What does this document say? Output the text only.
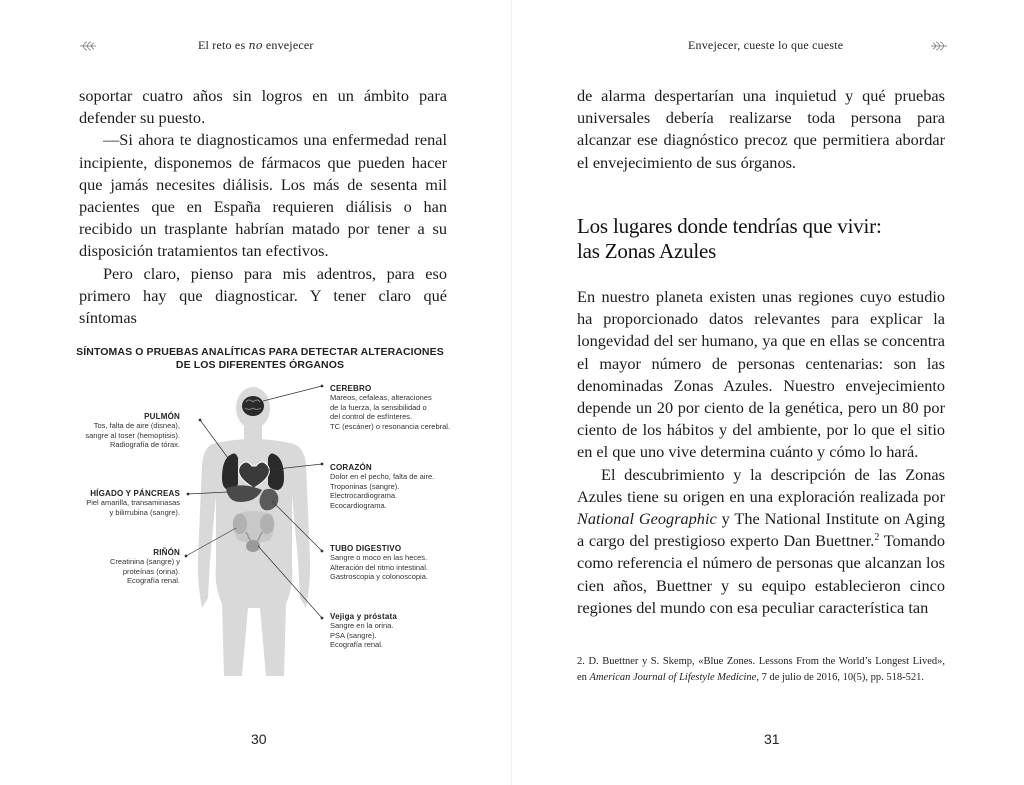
El reto es no envejecer

soportar cuatro años sin logros en un ámbito para defender su puesto.

—Si ahora te diagnosticamos una enfermedad renal incipiente, disponemos de fármacos que pueden hacer que jamás necesites diálisis. Los más de sesenta mil pacientes que en España requieren diálisis o han recibido un trasplante habrían matado por tener a su disposición tratamientos tan efectivos.

Pero claro, pienso para mis adentros, para eso primero hay que diagnosticar. Y tener claro qué síntomas

SÍNTOMAS O PRUEBAS ANALÍTICAS PARA DETECTAR ALTERACIONES
DE LOS DIFERENTES ÓRGANOS
CEREBRO
Mareos, cefaleas, alteraciones
de la fuerza, la sensibilidad o
del control de esfínteres.
TC (escáner) o resonancia cerebral.
PULMÓN
Tos, falta de aire (disnea),
sangre al toser (hemoptisis).
Radiografía de tórax.
CORAZÓN
Dolor en el pecho, falta de aire.
Troponinas (sangre).
Electrocardiograma.
Ecocardiograma.
HÍGADO Y PÁNCREAS
Piel amarilla, transaminasas
y bilirrubina (sangre).
TUBO DIGESTIVO
Sangre o moco en las heces.
Alteración del ritmo intestinal.
Gastroscopia y colonoscopia.
RIÑÓN
Creatinina (sangre) y
proteínas (orina).
Ecografía renal.
Vejiga y próstata
Sangre en la orina.
PSA (sangre).
Ecografía renal.
30
Envejecer, cueste lo que cueste

de alarma despertarían una inquietud y qué pruebas universales debería realizarse toda persona para alcanzar ese diagnóstico precoz que permitiera abordar el envejecimiento de sus órganos.

Los lugares donde tendrías que vivir:
las Zonas Azules

En nuestro planeta existen unas regiones cuyo estudio ha proporcionado datos relevantes para explicar la longevidad del ser humano, ya que en ellas se concentra el mayor número de personas centenarias: son las denominadas Zonas Azules. Nuestro envejecimiento depende un 20 por ciento de la genética, pero un 80 por ciento de los hábitos y del ambiente, por lo que el sitio en el que uno vive determina cuánto y cómo lo hará.

El descubrimiento y la descripción de las Zonas Azules tiene su origen en una exploración realizada por National Geographic y The National Institute on Aging a cargo del prestigioso experto Dan Buettner.$^2$ Tomando como referencia el número de personas que alcanzan los cien años, Buettner y su equipo establecieron cinco regiones del mundo con esa peculiar característica tan

2. D. Buettner y S. Skemp, «Blue Zones. Lessons From the World’s Longest Lived», en American Journal of Lifestyle Medicine, 7 de julio de 2016, 10(5), pp. 518-521.
31
